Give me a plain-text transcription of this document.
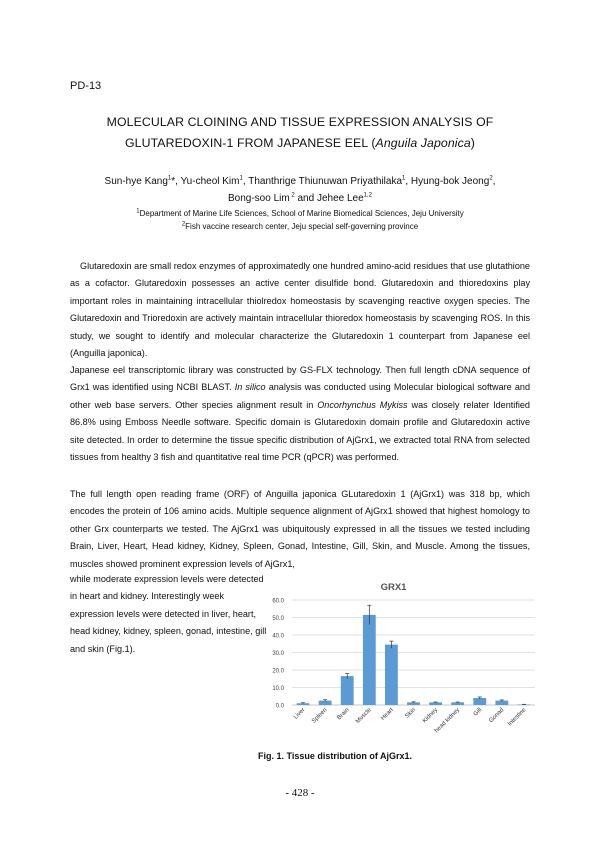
PD-13
MOLECULAR CLOINING AND TISSUE EXPRESSION ANALYSIS OF
GLUTAREDOXIN-1 FROM JAPANESE EEL (Anguila Japonica)
Sun-hye Kang$^1$*, Yu-cheol Kim$^1$, Thanthrige Thiunuwan Priyathilaka$^1$, Hyung-bok Jeong$^2$,
Bong-soo Lim $^2$ and Jehee Lee$^{1,2}$
$^1$Department of Marine Life Sciences, School of Marine Biomedical Sciences, Jeju University
$^2$Fish vaccine research center, Jeju special self-governing province
Glutaredoxin are small redox enzymes of approximatedly one hundred amino-acid residues that use glutathione as a cofactor. Glutaredoxin possesses an active center disulfide bond. Glutaredoxin and thioredoxins play important roles in maintaining intracellular thiolredox homeostasis by scavenging reactive oxygen species. The Glutaredoxin and Trioredoxin are actively maintain intracellular thioredox homeostasis by scavenging ROS. In this study, we sought to identify and molecular characterize the Glutaredoxin 1 counterpart from Japanese eel (Anguilla japonica).
Japanese eel transcriptomic library was constructed by GS-FLX technology. Then full length cDNA sequence of Grx1 was identified using NCBI BLAST. In silico analysis was conducted using Molecular biological software and other web base servers. Other species alignment result in Oncorhynchus Mykiss was closely relater Identified 86.8% using Emboss Needle software. Specific domain is Glutaredoxin domain profile and Glutaredoxin active site detected. In order to determine the tissue specific distribution of AjGrx1, we extracted total RNA from selected tissues from healthy 3 fish and quantitative real time PCR (qPCR) was performed.
The full length open reading frame (ORF) of Anguilla japonica GLutaredoxin 1 (AjGrx1) was 318 bp, which encodes the protein of 106 amino acids. Multiple sequence alignment of AjGrx1 showed that highest homology to other Grx counterparts we tested. The AjGrx1 was ubiquitously expressed in all the tissues we tested including Brain, Liver, Heart, Head kidney, Kidney, Spleen, Gonad, Intestine, Gill, Skin, and Muscle. Among the tissues, muscles showed prominent expression levels of AjGrx1,
while moderate expression levels were detected in heart and kidney. Interestingly week expression levels were detected in liver, heart, head kidney, kidney, spleen, gonad, intestine, gill and skin (Fig.1).
GRX1
0.0
10.0
20.0
30.0
40.0
50.0
60.0
Liver Spleen Brain Muscle Heart Skin Kidney
head kidney Gill Gonad Intestine
Fig. 1. Tissue distribution of AjGrx1.
- 428 -
